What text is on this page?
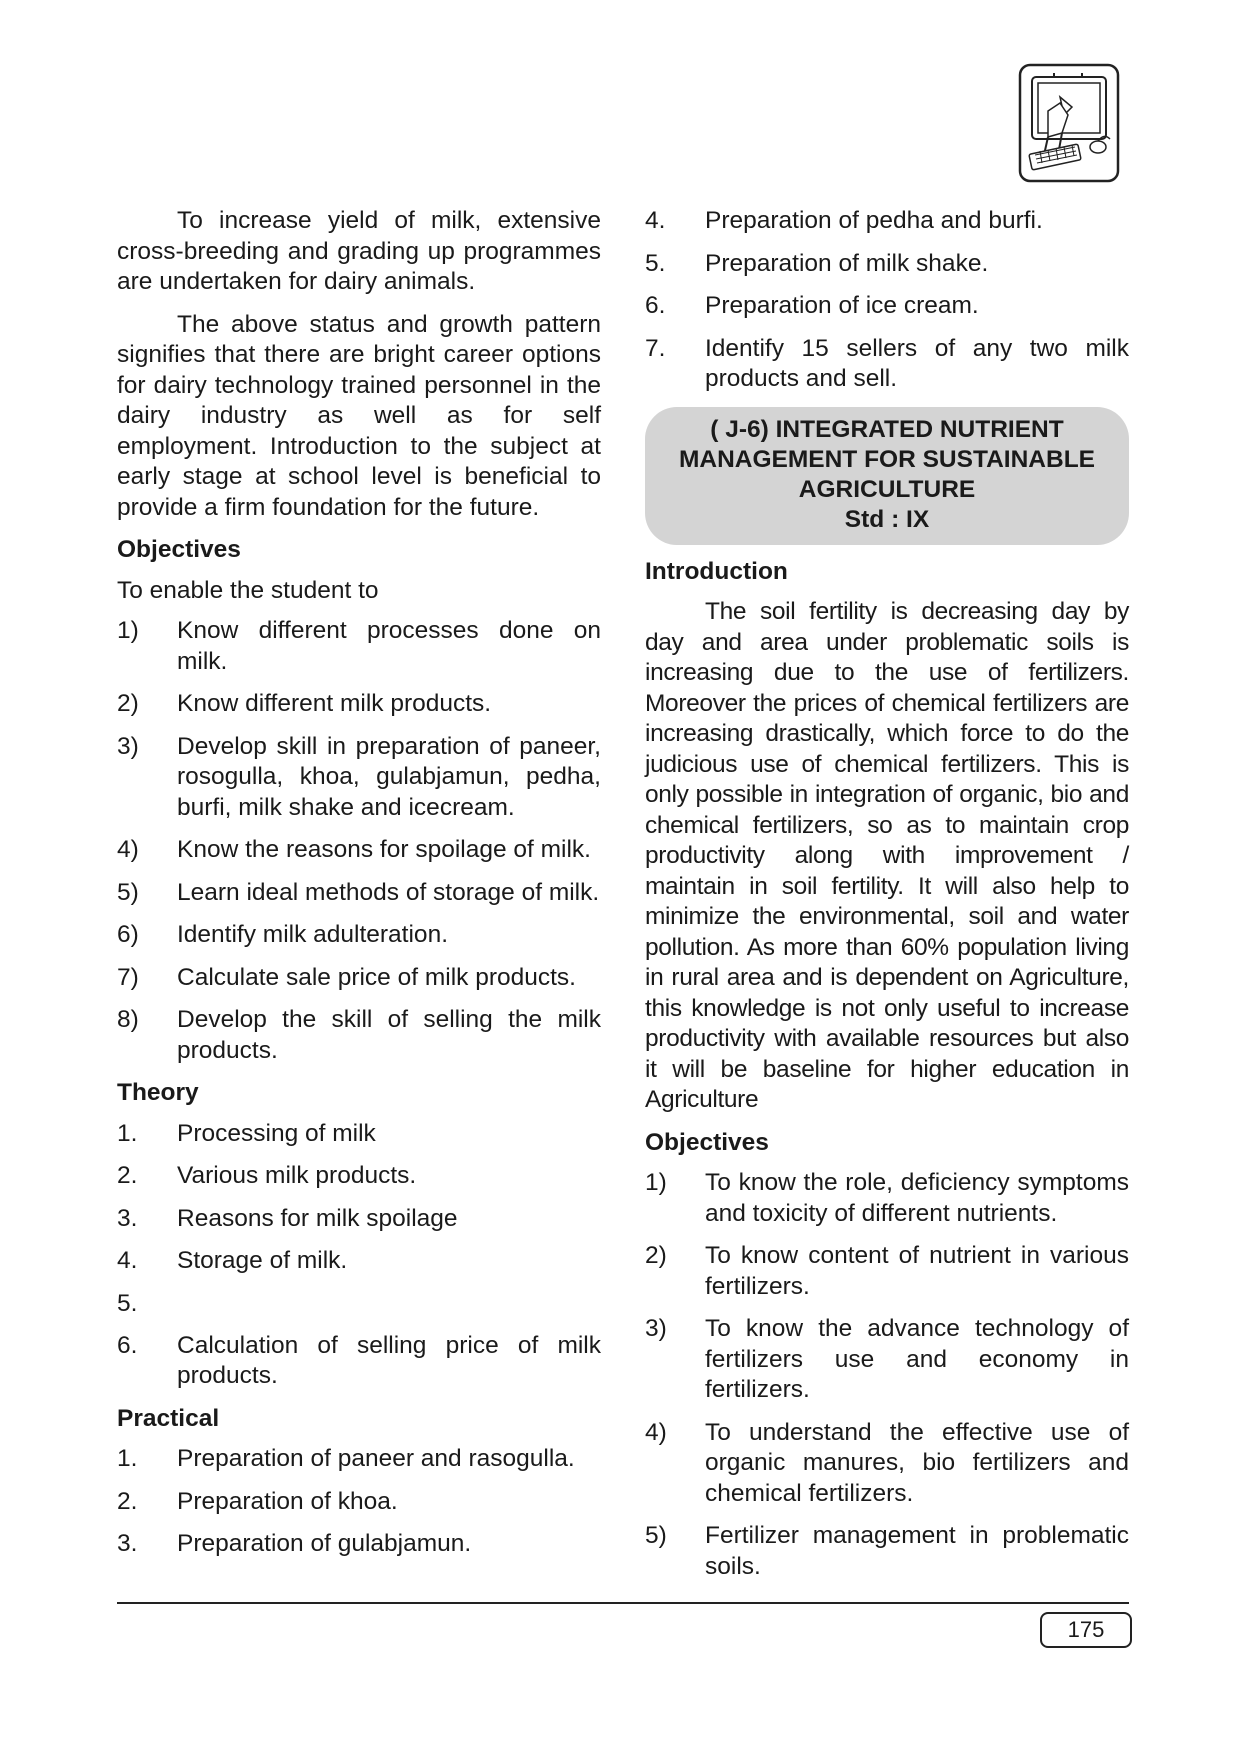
To increase yield of milk, extensive cross-breeding and grading up programmes are undertaken for dairy animals.

The above status and growth pattern signifies that there are bright career options for dairy technology trained personnel in the dairy industry as well as for self employment. Introduction to the subject at early stage at school level is beneficial to provide a firm foundation for the future.

Objectives
To enable the student to
1) Know different processes done on milk.
2) Know different milk products.
3) Develop skill in preparation of paneer, rosogulla, khoa, gulabjamun, pedha, burfi, milk shake and icecream.
4) Know the reasons for spoilage of milk.
5) Learn ideal methods of storage of milk.
6) Identify milk adulteration.
7) Calculate sale price of milk products.
8) Develop the skill of selling the milk products.
Theory
1. Processing of milk
2. Various milk products.
3. Reasons for milk spoilage
4. Storage of milk.
5.
6. Calculation of selling price of milk products.
Practical
1. Preparation of paneer and rasogulla.
2. Preparation of khoa.
3. Preparation of gulabjamun.
4. Preparation of pedha and burfi.
5. Preparation of milk shake.
6. Preparation of ice cream.
7. Identify 15 sellers of any two milk products and sell.
( J-6) INTEGRATED NUTRIENT
MANAGEMENT FOR SUSTAINABLE
AGRICULTURE
Std : IX
Introduction

The soil fertility is decreasing day by day and area under problematic soils is increasing due to the use of fertilizers. Moreover the prices of chemical fertilizers are increasing drastically, which force to do the judicious use of chemical fertilizers. This is only possible in integration of organic, bio and chemical fertilizers, so as to maintain crop productivity along with improvement / maintain in soil fertility. It will also help to minimize the environmental, soil and water pollution. As more than 60% population living in rural area and is dependent on Agriculture, this knowledge is not only useful to increase productivity with available resources but also it will be baseline for higher education in Agriculture

Objectives
1) To know the role, deficiency symptoms and toxicity of different nutrients.
2) To know content of nutrient in various fertilizers.
3) To know the advance technology of fertilizers use and economy in fertilizers.
4) To understand the effective use of organic manures, bio fertilizers and chemical fertilizers.
5) Fertilizer management in problematic soils.
175
